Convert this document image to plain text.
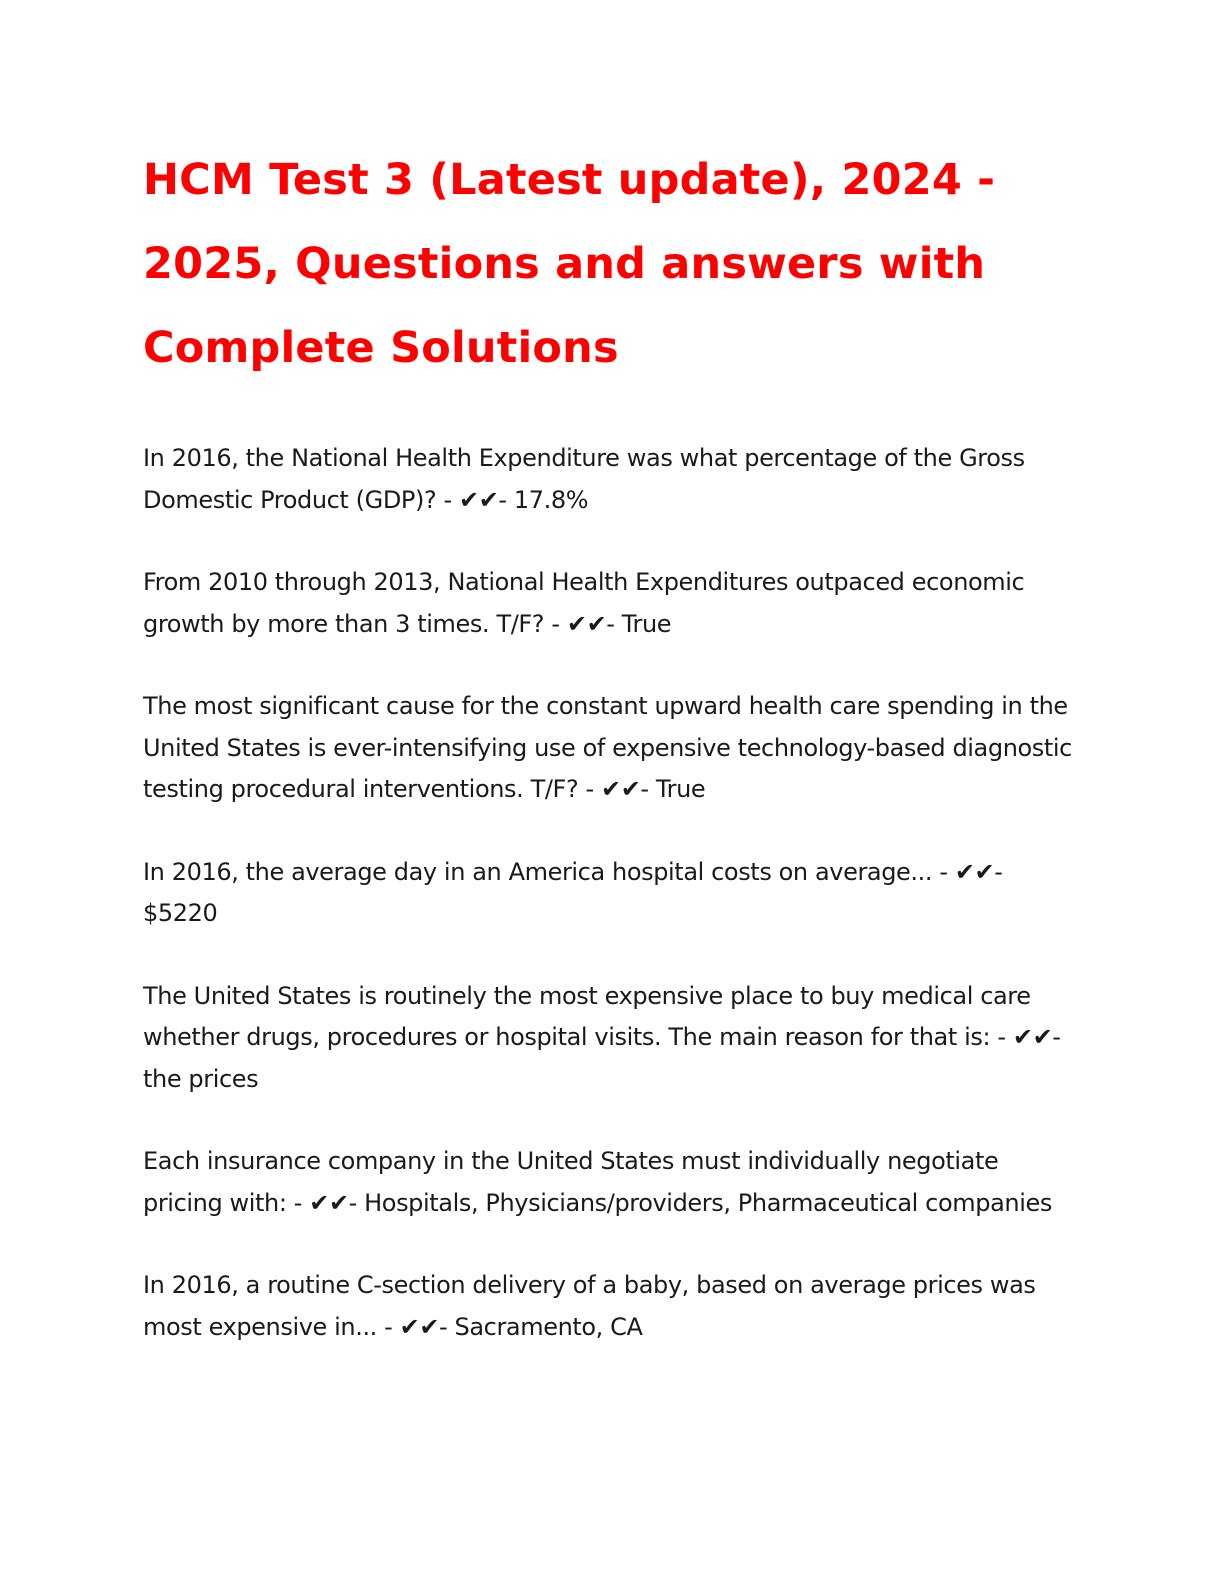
HCM Test 3 (Latest update), 2024 - 2025, Questions and answers with Complete Solutions

In 2016, the National Health Expenditure was what percentage of the Gross Domestic Product (GDP)? - ✔✔- 17.8%

From 2010 through 2013, National Health Expenditures outpaced economic growth by more than 3 times. T/F? - ✔✔- True

The most significant cause for the constant upward health care spending in the United States is ever-intensifying use of expensive technology-based diagnostic testing procedural interventions. T/F? - ✔✔- True

In 2016, the average day in an America hospital costs on average... - ✔✔- $5220

The United States is routinely the most expensive place to buy medical care whether drugs, procedures or hospital visits. The main reason for that is: - ✔✔- the prices

Each insurance company in the United States must individually negotiate pricing with: - ✔✔- Hospitals, Physicians/providers, Pharmaceutical companies

In 2016, a routine C-section delivery of a baby, based on average prices was most expensive in... - ✔✔- Sacramento, CA
